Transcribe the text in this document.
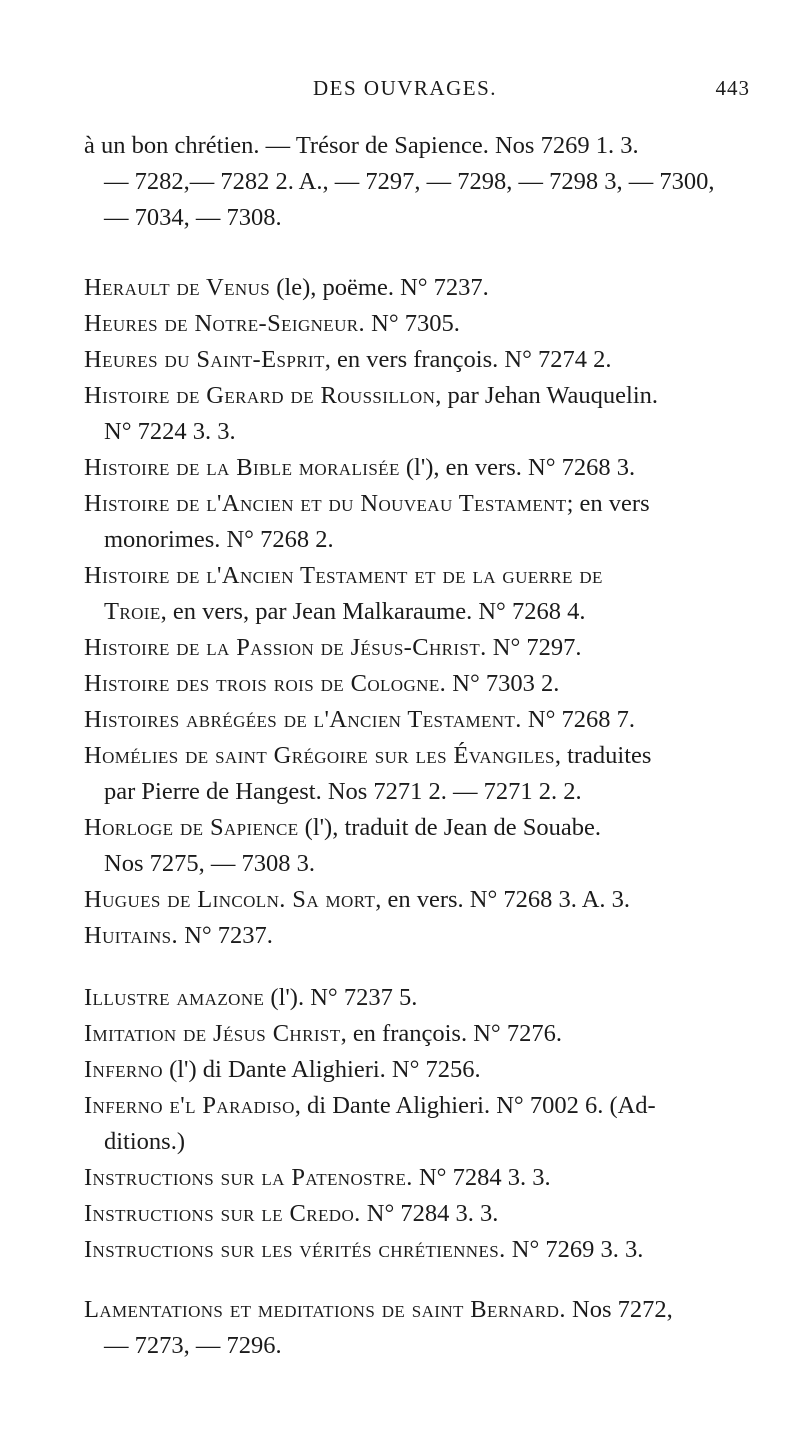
DES OUVRAGES.	443
à un bon chrétien. — Trésor de Sapience. Nos 7269 1. 3.

— 7282,— 7282 2. A., — 7297, — 7298, — 7298 3, — 7300,
— 7034, — 7308.
Herault de Venus (le), poëme. N° 7237.
Heures de Notre-Seigneur. N° 7305.
Heures du Saint-Esprit, en vers françois. N° 7274 2.
Histoire de Gerard de Roussillon, par Jehan Wauquelin.
N° 7224 3. 3.
Histoire de la Bible moralisée (l'), en vers. N° 7268 3.
Histoire de l'Ancien et du Nouveau Testament; en vers
monorimes. N° 7268 2.
Histoire de l'Ancien Testament et de la guerre de
Troie, en vers, par Jean Malkaraume. N° 7268 4.
Histoire de la Passion de Jésus-Christ. N° 7297.
Histoire des trois rois de Cologne. N° 7303 2.
Histoires abrégées de l'Ancien Testament. N° 7268 7.
Homélies de saint Grégoire sur les Évangiles, traduites
par Pierre de Hangest. Nos 7271 2. — 7271 2. 2.
Horloge de Sapience (l'), traduit de Jean de Souabe.
Nos 7275, — 7308 3.
Hugues de Lincoln. Sa mort, en vers. N° 7268 3. A. 3.
Huitains. N° 7237.
Illustre amazone (l'). N° 7237 5.
Imitation de Jésus Christ, en françois. N° 7276.
Inferno (l') di Dante Alighieri. N° 7256.
Inferno e'l Paradiso, di Dante Alighieri. N° 7002 6. (Ad-
ditions.)
Instructions sur la Patenostre. N° 7284 3. 3.
Instructions sur le Credo. N° 7284 3. 3.
Instructions sur les vérités chrétiennes. N° 7269 3. 3.
Lamentations et meditations de saint Bernard. Nos 7272,
— 7273, — 7296.
